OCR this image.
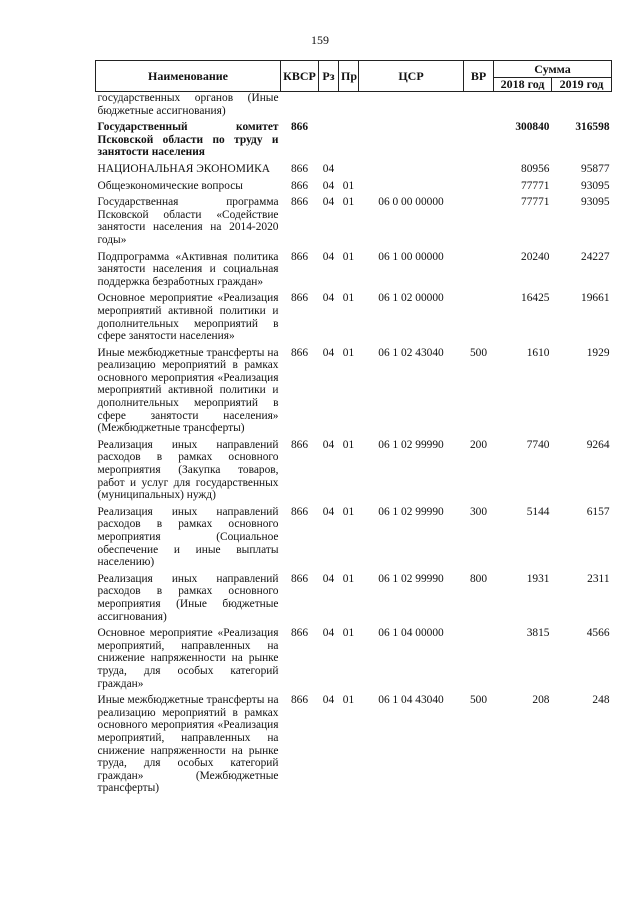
159
Наименование	КВСР	Рз	Пр	ЦСР	ВР	Сумма	
						2018 год	2019 год
государственных органов (Иные бюджетные ассигнования)							
Государственный комитет Псковской области по труду и занятости населения	866					300840	316598
НАЦИОНАЛЬНАЯ ЭКОНОМИКА	866	04				80956	95877
Общеэкономические вопросы	866	04	01			77771	93095
Государственная программа Псковской области «Содействие занятости населения на 2014-2020 годы»	866	04	01	06 0 00 00000		77771	93095
Подпрограмма «Активная политика занятости населения и социальная поддержка безработных граждан»	866	04	01	06 1 00 00000		20240	24227
Основное мероприятие «Реализация мероприятий активной политики и дополнительных мероприятий в сфере занятости населения»	866	04	01	06 1 02 00000		16425	19661
Иные межбюджетные трансферты на реализацию мероприятий в рамках основного мероприятия «Реализация мероприятий активной политики и дополнительных мероприятий в сфере занятости населения» (Межбюджетные трансферты)	866	04	01	06 1 02 43040	500	1610	1929
Реализация иных направлений расходов в рамках основного мероприятия (Закупка товаров, работ и услуг для государственных (муниципальных) нужд)	866	04	01	06 1 02 99990	200	7740	9264
Реализация иных направлений расходов в рамках основного мероприятия (Социальное обеспечение и иные выплаты населению)	866	04	01	06 1 02 99990	300	5144	6157
Реализация иных направлений расходов в рамках основного мероприятия (Иные бюджетные ассигнования)	866	04	01	06 1 02 99990	800	1931	2311
Основное мероприятие «Реализация мероприятий, направленных на снижение напряженности на рынке труда, для особых категорий граждан»	866	04	01	06 1 04 00000		3815	4566
Иные межбюджетные трансферты на реализацию мероприятий в рамках основного мероприятия «Реализация мероприятий, направленных на снижение напряженности на рынке труда, для особых категорий граждан» (Межбюджетные трансферты)	866	04	01	06 1 04 43040	500	208	248
